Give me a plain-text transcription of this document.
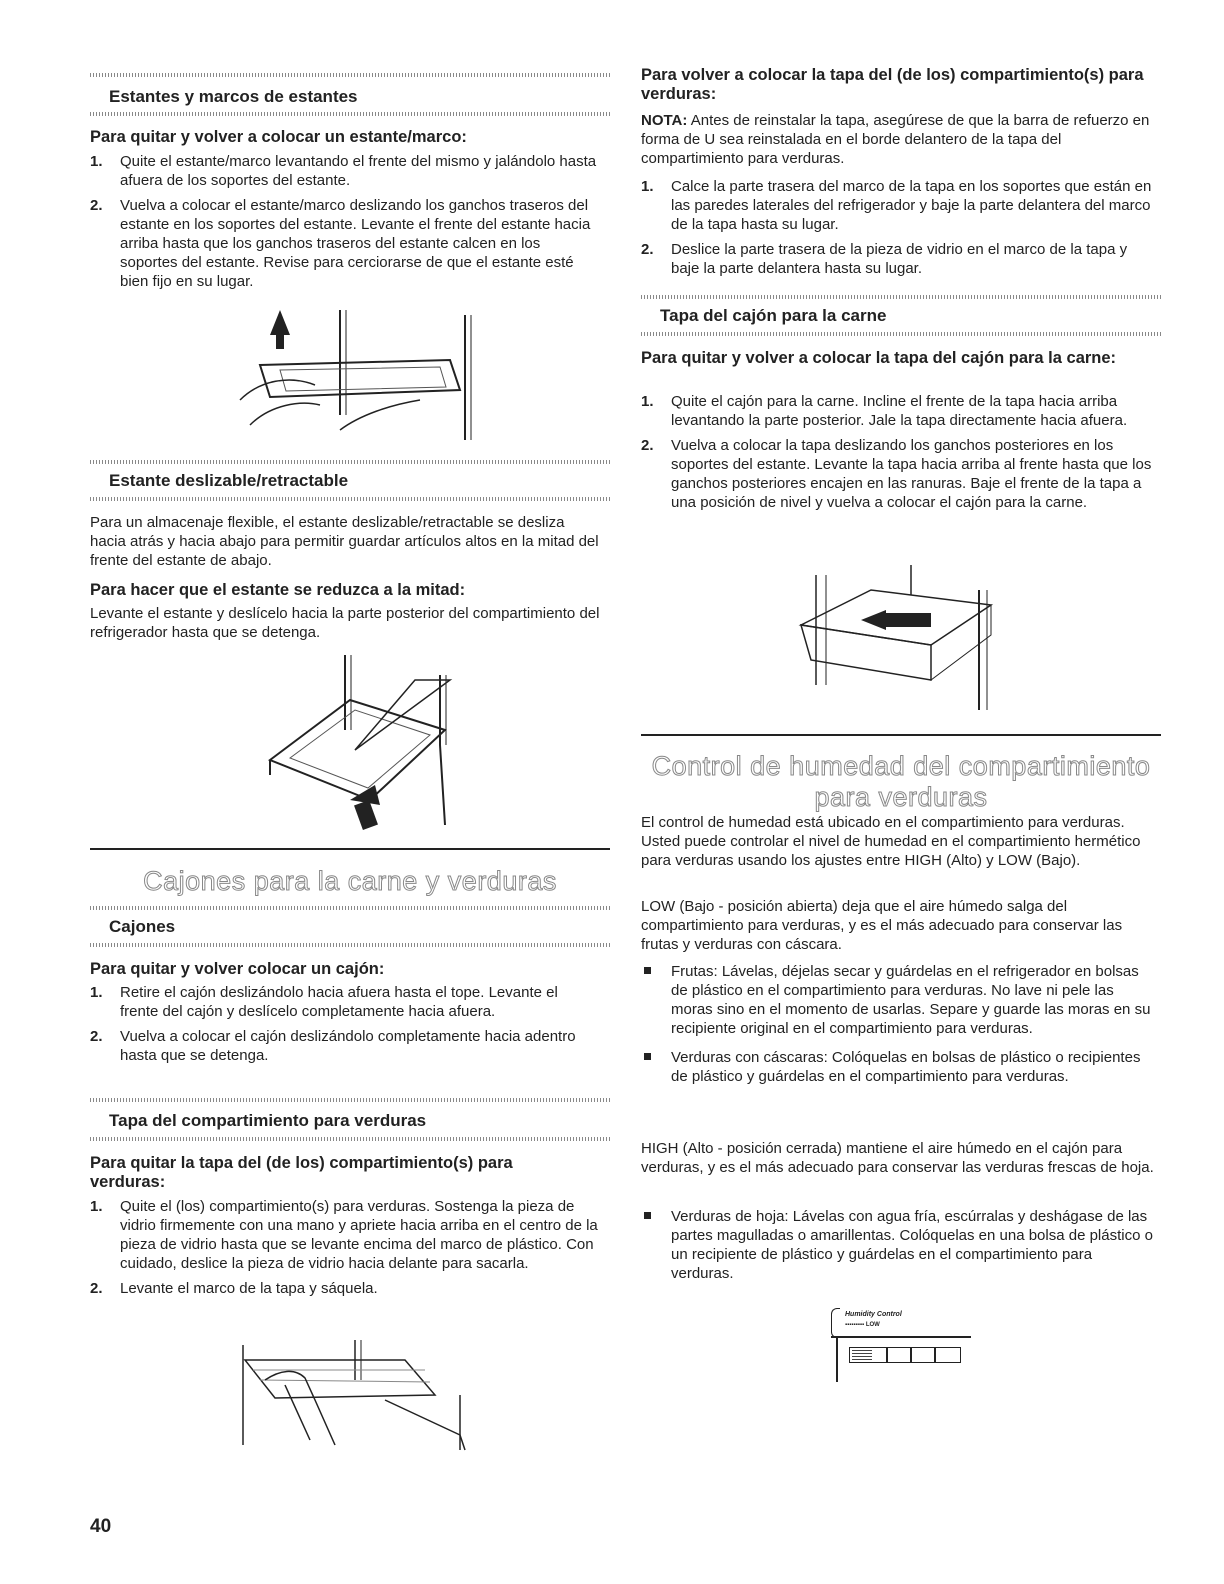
Estantes y marcos de estantes
Para quitar y volver a colocar un estante/marco:
1. Quite el estante/marco levantando el frente del mismo y jalándolo hasta afuera de los soportes del estante.
2. Vuelva a colocar el estante/marco deslizando los ganchos traseros del estante en los soportes del estante. Levante el frente del estante hacia arriba hasta que los ganchos traseros del estante calcen en los soportes del estante. Revise para cerciorarse de que el estante esté bien fijo en su lugar.
Estante deslizable/retractable
Para un almacenaje flexible, el estante deslizable/retractable se desliza hacia atrás y hacia abajo para permitir guardar artículos altos en la mitad del frente del estante de abajo.
Para hacer que el estante se reduzca a la mitad:
Levante el estante y deslícelo hacia la parte posterior del compartimiento del refrigerador hasta que se detenga.
Cajones para la carne y verduras
Cajones
Para quitar y volver colocar un cajón:
1. Retire el cajón deslizándolo hacia afuera hasta el tope. Levante el frente del cajón y deslícelo completamente hacia afuera.
2. Vuelva a colocar el cajón deslizándolo completamente hacia adentro hasta que se detenga.
Tapa del compartimiento para verduras
Para quitar la tapa del (de los) compartimiento(s) para verduras:
1. Quite el (los) compartimiento(s) para verduras. Sostenga la pieza de vidrio firmemente con una mano y apriete hacia arriba en el centro de la pieza de vidrio hasta que se levante encima del marco de plástico. Con cuidado, deslice la pieza de vidrio hacia delante para sacarla.
2. Levante el marco de la tapa y sáquela.
Para volver a colocar la tapa del (de los) compartimiento(s) para verduras:
NOTA: Antes de reinstalar la tapa, asegúrese de que la barra de refuerzo en forma de U sea reinstalada en el borde delantero de la tapa del compartimiento para verduras.
1. Calce la parte trasera del marco de la tapa en los soportes que están en las paredes laterales del refrigerador y baje la parte delantera del marco de la tapa hasta su lugar.
2. Deslice la parte trasera de la pieza de vidrio en el marco de la tapa y baje la parte delantera hasta su lugar.
Tapa del cajón para la carne
Para quitar y volver a colocar la tapa del cajón para la carne:
1. Quite el cajón para la carne. Incline el frente de la tapa hacia arriba levantando la parte posterior. Jale la tapa directamente hacia afuera.
2. Vuelva a colocar la tapa deslizando los ganchos posteriores en los soportes del estante. Levante la tapa hacia arriba al frente hasta que los ganchos posteriores encajen en las ranuras. Baje el frente de la tapa a una posición de nivel y vuelva a colocar el cajón para la carne.
Control de humedad del compartimiento
para verduras
El control de humedad está ubicado en el compartimiento para verduras. Usted puede controlar el nivel de humedad en el compartimiento hermético para verduras usando los ajustes entre HIGH (Alto) y LOW (Bajo).
LOW (Bajo - posición abierta) deja que el aire húmedo salga del compartimiento para verduras, y es el más adecuado para conservar las frutas y verduras con cáscara.
Frutas: Lávelas, déjelas secar y guárdelas en el refrigerador en bolsas de plástico en el compartimiento para verduras. No lave ni pele las moras sino en el momento de usarlas. Separe y guarde las moras en su recipiente original en el compartimiento para verduras.
Verduras con cáscaras: Colóquelas en bolsas de plástico o recipientes de plástico y guárdelas en el compartimiento para verduras.
HIGH (Alto - posición cerrada) mantiene el aire húmedo en el cajón para verduras, y es el más adecuado para conservar las verduras frescas de hoja.
Verduras de hoja: Lávelas con agua fría, escúrralas y deshágase de las partes magulladas o amarillentas. Colóquelas en una bolsa de plástico o un recipiente de plástico y guárdelas en el compartimiento para verduras.
Humidity Control
▪▪▪▪▪▪▪▪▪ LOW
40
